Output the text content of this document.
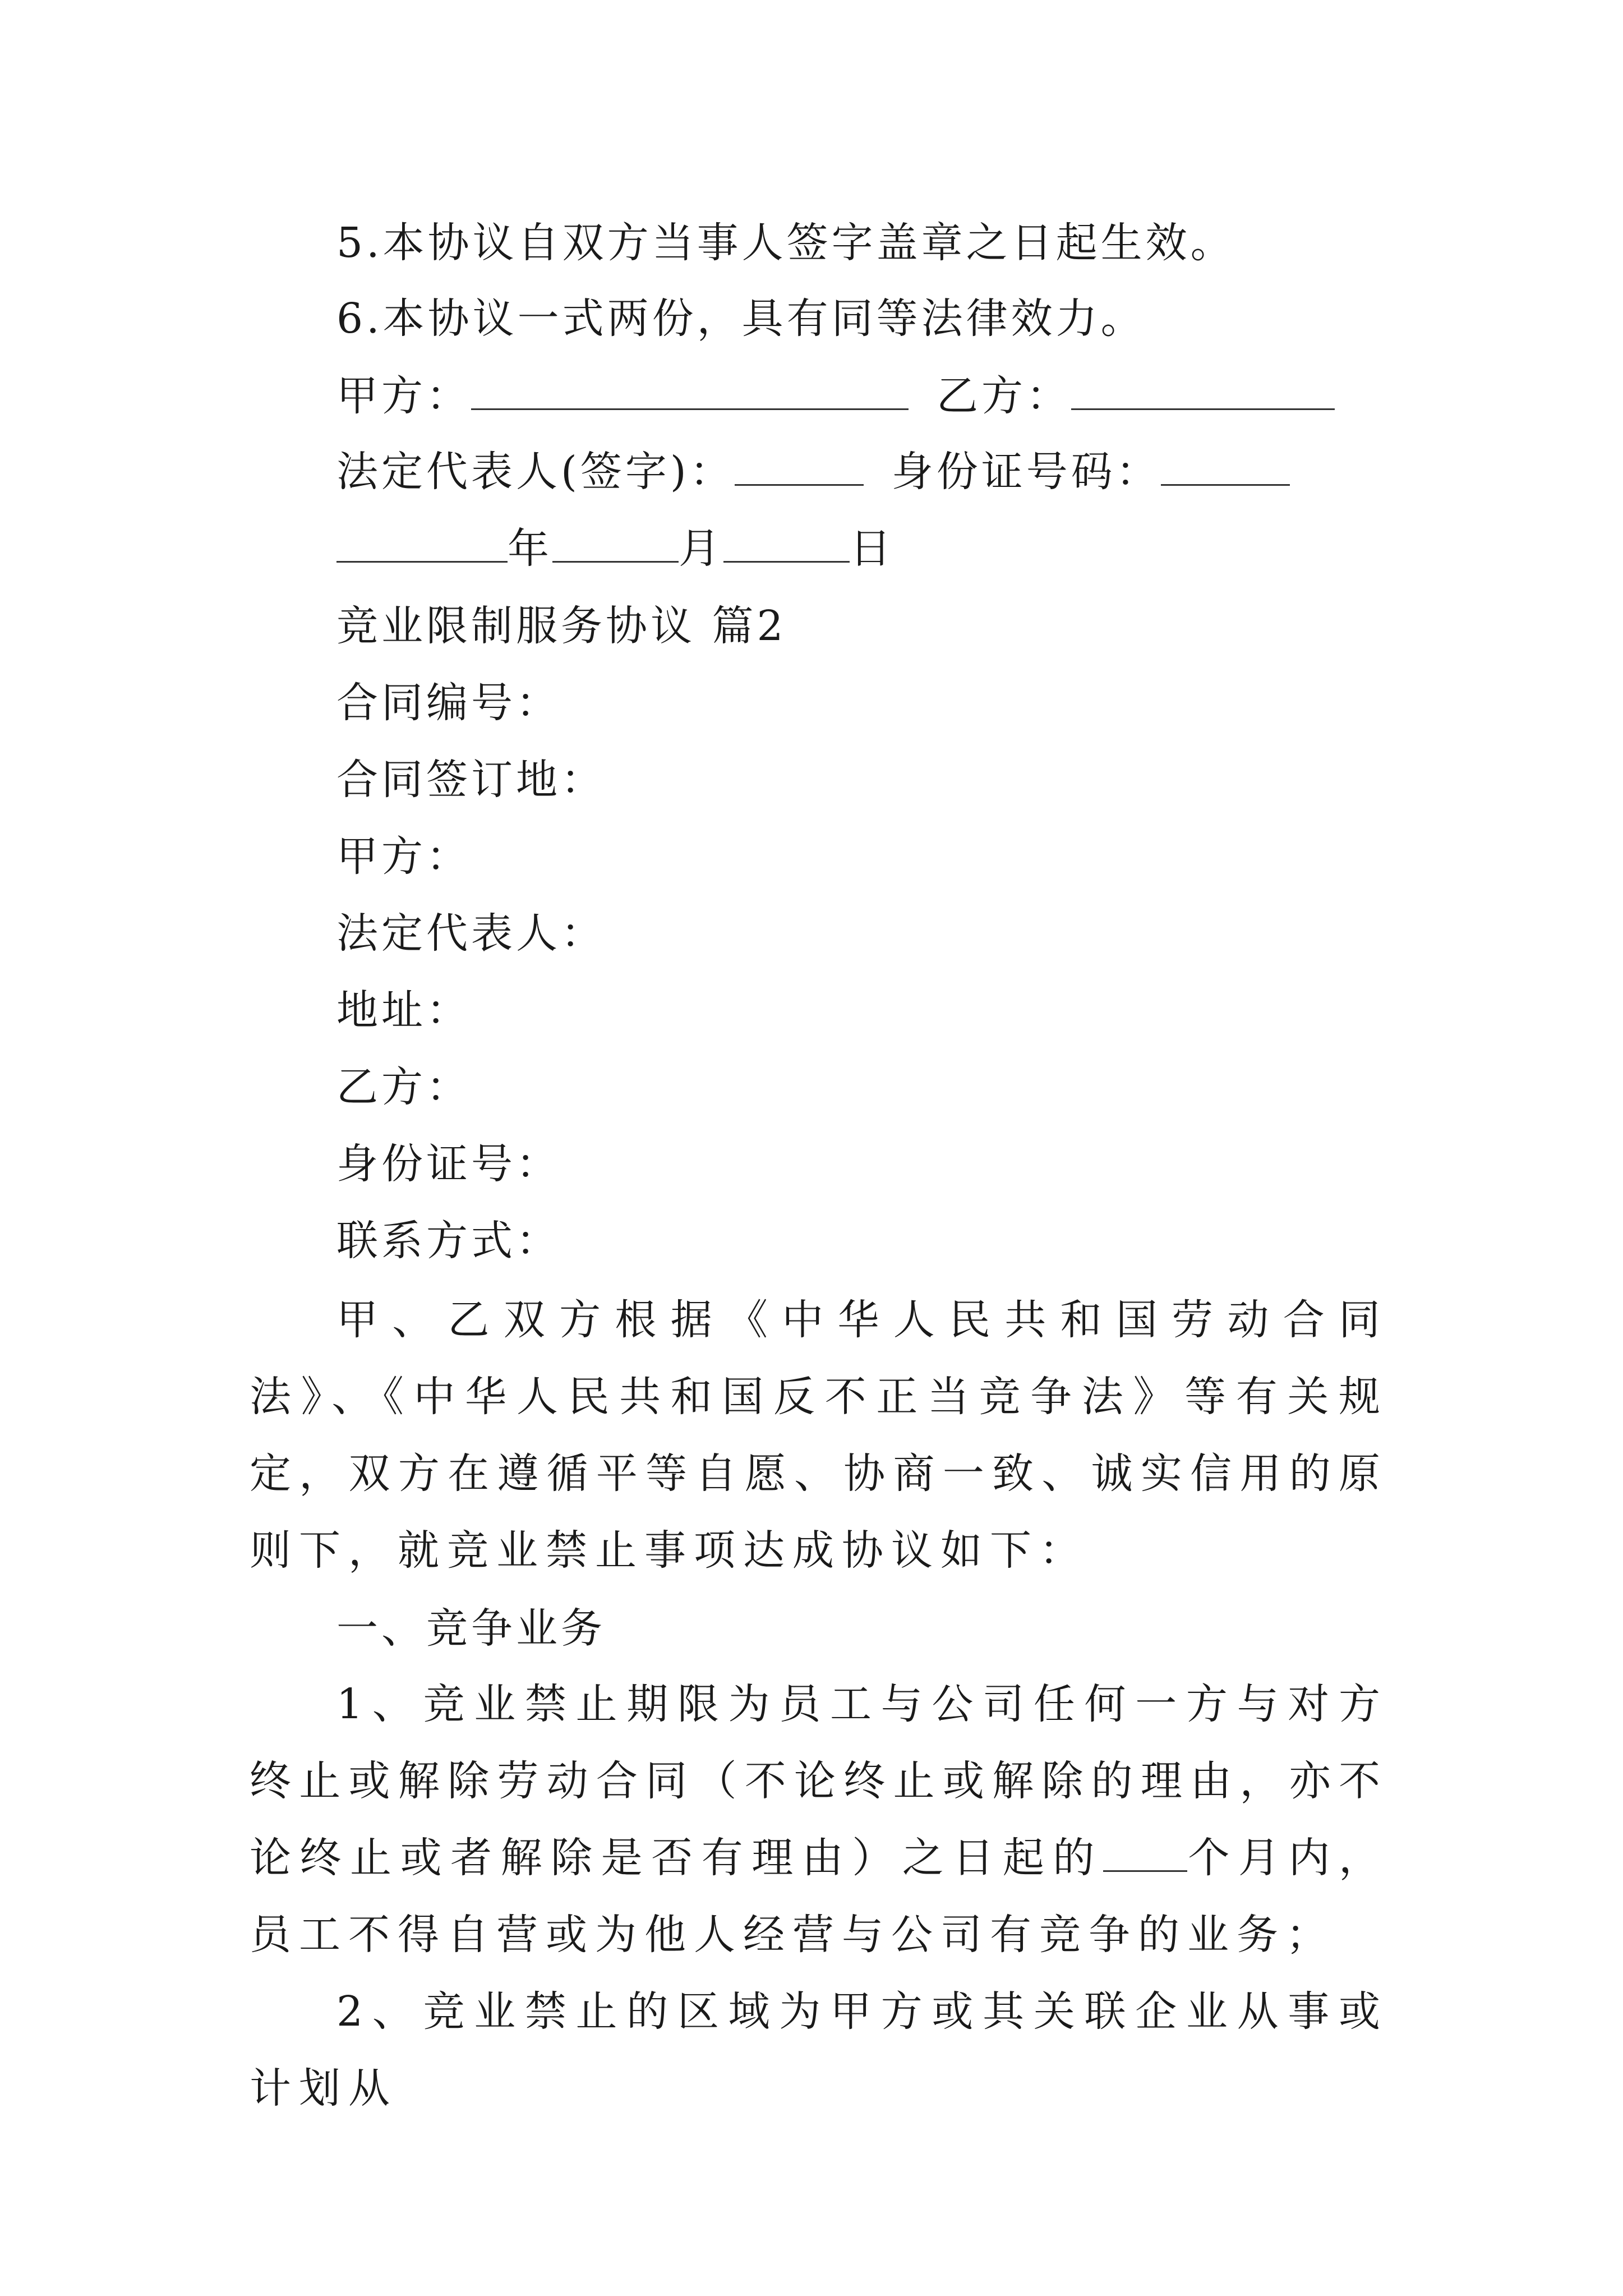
5.本协议自双方当事人签字盖章之日起生效。
6.本协议一式两份，具有同等法律效力。
甲方：	乙方：
法定代表人(签字)：	身份证号码：
年	月	日
竞业限制服务协议 篇2
合同编号：
合同签订地：
甲方：
法定代表人：
地址：
乙方：
身份证号：
联系方式：
甲、乙双方根据《中华人民共和国劳动合同法》、《中华人民共和国反不正当竞争法》等有关规定，双方在遵循平等自愿、协商一致、诚实信用的原则下，就竞业禁止事项达成协议如下：
一、竞争业务
1、竞业禁止期限为员工与公司任何一方与对方终止或解除劳动合同（不论终止或解除的理由，亦不论终止或者解除是否有理由）之日起的 个月内，员工不得自营或为他人经营与公司有竞争的业务；
2、竞业禁止的区域为甲方或其关联企业从事或计划从
